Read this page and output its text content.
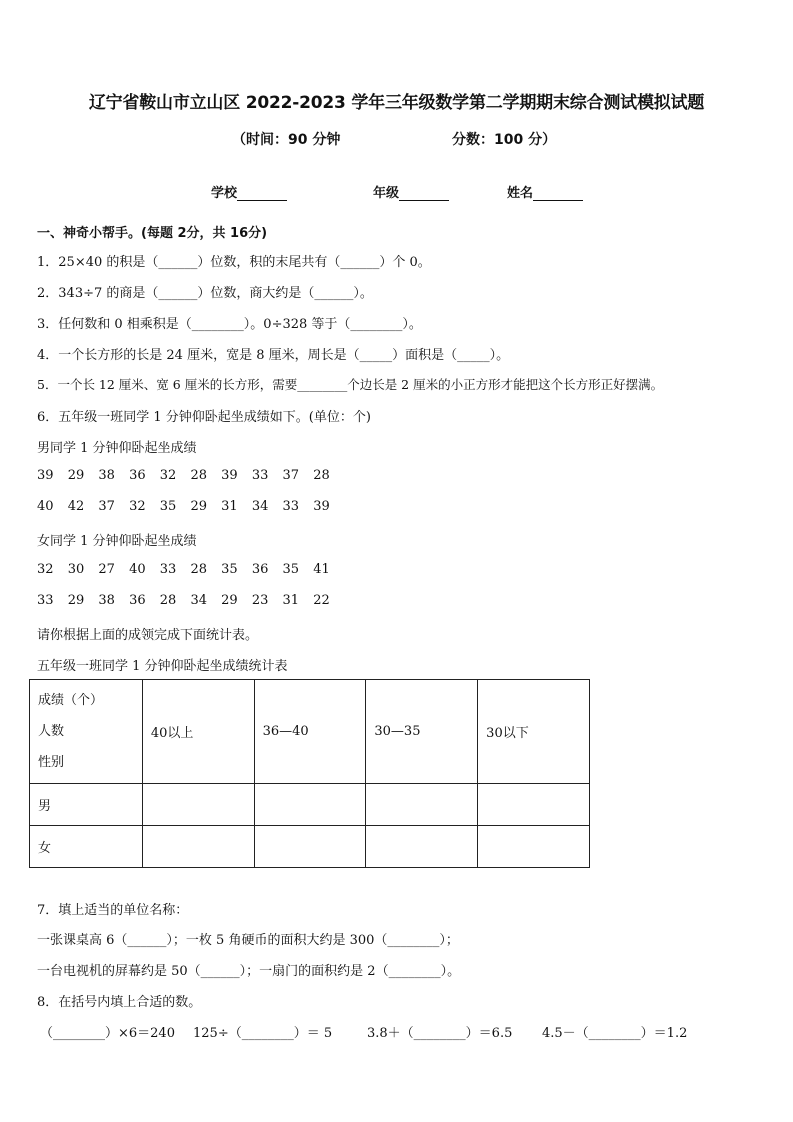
辽宁省鞍山市立山区 2022-2023 学年三年级数学第二学期期末综合测试模拟试题
（时间：90 分钟	分数：100 分）
学校	年级	姓名
一、神奇小帮手。(每题 2分，共 16分)
1．25×40 的积是（______）位数，积的末尾共有（______）个 0。
2．343÷7 的商是（______）位数，商大约是（______）。
3．任何数和 0 相乘积是（________）。0÷328 等于（________）。
4．一个长方形的长是 24 厘米，宽是 8 厘米，周长是（_____）面积是（_____）。
5．一个长 12 厘米、宽 6 厘米的长方形，需要________个边长是 2 厘米的小正方形才能把这个长方形正好摆满。
6．五年级一班同学 1 分钟仰卧起坐成绩如下。(单位：个)
男同学 1 分钟仰卧起坐成绩
39 29 38 36 32 28 39 33 37 28
40 42 37 32 35 29 31 34 33 39
女同学 1 分钟仰卧起坐成绩
32 30 27 40 33 28 35 36 35 41
33 29 38 36 28 34 29 23 31 22
请你根据上面的成领完成下面统计表。
五年级一班同学 1 分钟仰卧起坐成绩统计表
成绩（个）
人数
性别	40以上	36—40	30—35	30以下
男				
女				
7．填上适当的单位名称：
一张课桌高 6（______）；一枚 5 角硬币的面积大约是 300（________）；
一台电视机的屏幕约是 50（______）；一扇门的面积约是 2（________）。
8．在括号内填上合适的数。
（________）×6＝240 125÷（________）＝ 5	3.8＋（________）＝6.5 4.5－（________）＝1.2
